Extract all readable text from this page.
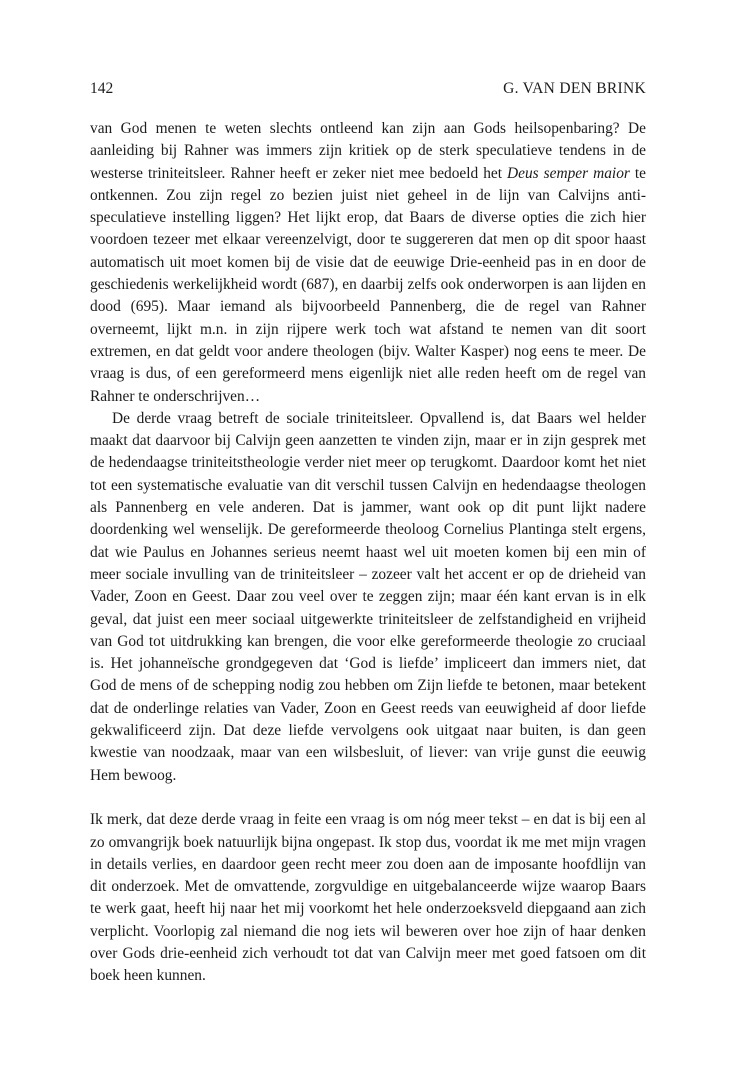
142	G. VAN DEN BRINK

van God menen te weten slechts ontleend kan zijn aan Gods heilsopenbaring? De aanleiding bij Rahner was immers zijn kritiek op de sterk speculatieve tendens in de westerse triniteitsleer. Rahner heeft er zeker niet mee bedoeld het Deus semper maior te ontkennen. Zou zijn regel zo bezien juist niet geheel in de lijn van Calvijns anti-speculatieve instelling liggen? Het lijkt erop, dat Baars de diverse opties die zich hier voordoen tezeer met elkaar vereenzelvigt, door te suggereren dat men op dit spoor haast automatisch uit moet komen bij de visie dat de eeuwige Drie-eenheid pas in en door de geschiedenis werkelijkheid wordt (687), en daarbij zelfs ook onderworpen is aan lijden en dood (695). Maar iemand als bijvoorbeeld Pannenberg, die de regel van Rahner overneemt, lijkt m.n. in zijn rijpere werk toch wat afstand te nemen van dit soort extremen, en dat geldt voor andere theologen (bijv. Walter Kasper) nog eens te meer. De vraag is dus, of een gereformeerd mens eigenlijk niet alle reden heeft om de regel van Rahner te onderschrijven…

De derde vraag betreft de sociale triniteitsleer. Opvallend is, dat Baars wel helder maakt dat daarvoor bij Calvijn geen aanzetten te vinden zijn, maar er in zijn gesprek met de hedendaagse triniteitstheologie verder niet meer op terugkomt. Daardoor komt het niet tot een systematische evaluatie van dit verschil tussen Calvijn en hedendaagse theologen als Pannenberg en vele anderen. Dat is jammer, want ook op dit punt lijkt nadere doordenking wel wenselijk. De gereformeerde theoloog Cornelius Plantinga stelt ergens, dat wie Paulus en Johannes serieus neemt haast wel uit moeten komen bij een min of meer sociale invulling van de triniteitsleer – zozeer valt het accent er op de drieheid van Vader, Zoon en Geest. Daar zou veel over te zeggen zijn; maar één kant ervan is in elk geval, dat juist een meer sociaal uitgewerkte triniteitsleer de zelfstandigheid en vrijheid van God tot uitdrukking kan brengen, die voor elke gereformeerde theologie zo cruciaal is. Het johanneïsche grondgegeven dat ‘God is liefde’ impliceert dan immers niet, dat God de mens of de schepping nodig zou hebben om Zijn liefde te betonen, maar betekent dat de onderlinge relaties van Vader, Zoon en Geest reeds van eeuwigheid af door liefde gekwalificeerd zijn. Dat deze liefde vervolgens ook uitgaat naar buiten, is dan geen kwestie van noodzaak, maar van een wilsbesluit, of liever: van vrije gunst die eeuwig Hem bewoog.

Ik merk, dat deze derde vraag in feite een vraag is om nóg meer tekst – en dat is bij een al zo omvangrijk boek natuurlijk bijna ongepast. Ik stop dus, voordat ik me met mijn vragen in details verlies, en daardoor geen recht meer zou doen aan de imposante hoofdlijn van dit onderzoek. Met de omvattende, zorgvuldige en uitgebalanceerde wijze waarop Baars te werk gaat, heeft hij naar het mij voorkomt het hele onderzoeksveld diepgaand aan zich verplicht. Voorlopig zal niemand die nog iets wil beweren over hoe zijn of haar denken over Gods drie-eenheid zich verhoudt tot dat van Calvijn meer met goed fatsoen om dit boek heen kunnen.
